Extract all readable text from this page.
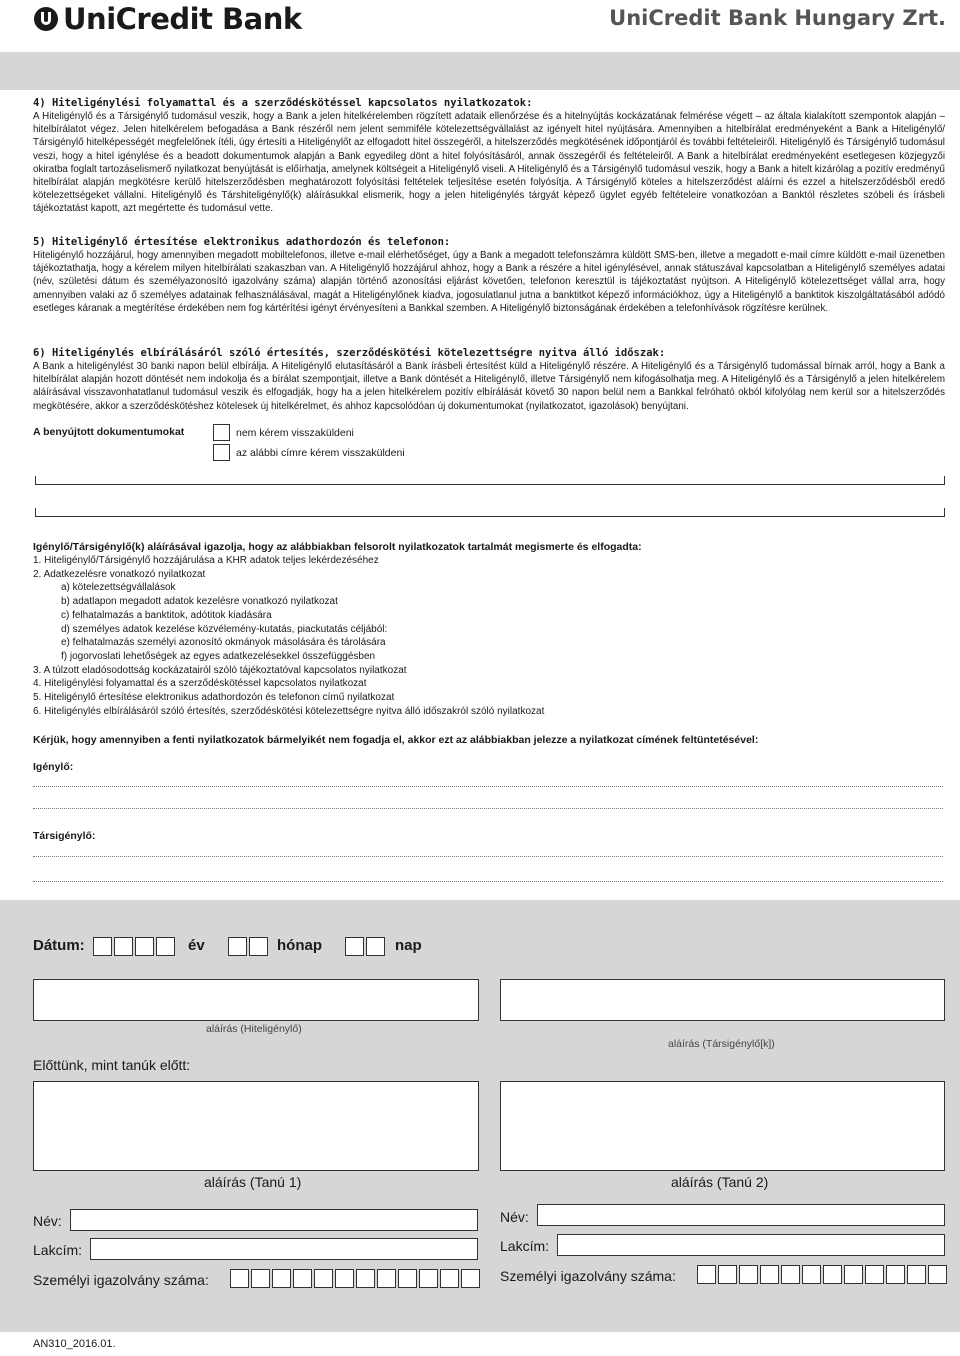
UniCredit Bank	UniCredit Bank Hungary Zrt.
4) Hiteligénylési folyamattal és a szerződéskötéssel kapcsolatos nyilatkozatok:
A Hiteligénylő és a Társigénylő tudomásul veszik, hogy a Bank a jelen hitelkérelemben rögzített adataik ellenőrzése és a hitelnyújtás kockázatának felmérése végett – az általa kialakított szempontok alapján – hitelbírálatot végez. Jelen hitelkérelem befogadása a Bank részéről nem jelent semmiféle kötelezettségvállalást az igényelt hitel nyújtására. Amennyiben a hitelbírálat eredményeként a Bank a Hiteligénylő/ Társigénylő hitelképességét megfelelőnek ítéli, úgy értesíti a Hiteligénylőt az elfogadott hitel összegéről, a hitelszerződés megkötésének időpontjáról és további feltételeiről. Hiteligénylő és Társigénylő tudomásul veszi, hogy a hitel igénylése és a beadott dokumentumok alapján a Bank egyedileg dönt a hitel folyósításáról, annak összegéről és feltételeiről. A Bank a hitelbírálat eredményeként esetlegesen közjegyzői okiratba foglalt tartozáselismerő nyilatkozat benyújtását is előírhatja, amelynek költségeit a Hiteligénylő viseli. A Hiteligénylő és a Társigénylő tudomásul veszik, hogy a Bank a hitelt kizárólag a pozitív eredményű hitelbírálat alapján megkötésre kerülő hitelszerződésben meghatározott folyósítási feltételek teljesítése esetén folyósítja. A Társigénylő köteles a hitelszerződést aláírni és ezzel a hitelszerződésből eredő kötelezettségeket vállalni. Hiteligénylő és Társhiteligénylő(k) aláírásukkal elismerik, hogy a jelen hiteligénylés tárgyát képező ügylet egyéb feltételeire vonatkozóan a Banktól részletes szóbeli és írásbeli tájékoztatást kapott, azt megértette és tudomásul vette.
5) Hiteligénylő értesítése elektronikus adathordozón és telefonon:
Hiteligénylő hozzájárul, hogy amennyiben megadott mobiltelefonos, illetve e-mail elérhetőséget, úgy a Bank a megadott telefonszámra küldött SMS-ben, illetve a megadott e-mail címre küldött e-mail üzenetben tájékoztathatja, hogy a kérelem milyen hitelbírálati szakaszban van. A Hiteligénylő hozzájárul ahhoz, hogy a Bank a részére a hitel igénylésével, annak státuszával kapcsolatban a Hiteligénylő személyes adatai (név, születési dátum és személyazonosító igazolvány száma) alapján történő azonosítási eljárást követően, telefonon keresztül is tájékoztatást nyújtson. A Hiteligénylő kötelezettséget vállal arra, hogy amennyiben valaki az ő személyes adatainak felhasználásával, magát a Hiteligénylőnek kiadva, jogosulatlanul jutna a banktitkot képező információkhoz, úgy a Hiteligénylő a banktitok kiszolgáltatásából adódó esetleges káranak a megtérítése érdekében nem fog kártérítési igényt érvényesíteni a Bankkal szemben. A Hiteligénylő biztonságának érdekében a telefonhívások rögzítésre kerülnek.
6) Hiteligénylés elbírálásáról szóló értesítés, szerződéskötési kötelezettségre nyitva álló időszak:
A Bank a hiteligénylést 30 banki napon belül elbírálja. A Hiteligénylő elutasításáról a Bank írásbeli értesítést küld a Hiteligénylő részére. A Hiteligénylő és a Társigénylő tudomással bírnak arról, hogy a Bank a hitelbírálat alapján hozott döntését nem indokolja és a bírálat szempontjait, illetve a Bank döntését a Hiteligénylő, illetve Társigénylő nem kifogásolhatja meg. A Hiteligénylő és a Társigénylő a jelen hitelkérelem aláírásával visszavonhatatlanul tudomásul veszik és elfogadják, hogy ha a jelen hitelkérelem pozitív elbírálását követő 30 napon belül nem a Bankkal felróható okból kifolyólag nem kerül sor a hitelszerződés megkötésére, akkor a szerződéskötéshez kötelesek új hitelkérelmet, és ahhoz kapcsolódóan új dokumentumokat (nyilatkozatot, igazolások) benyújtani.
A benyújtott dokumentumokat	nem kérem visszaküldeni
az alábbi címre kérem visszaküldeni
Igénylő/Társigénylő(k) aláírásával igazolja, hogy az alábbiakban felsorolt nyilatkozatok tartalmát megismerte és elfogadta:
1. Hiteligénylő/Társigénylő hozzájárulása a KHR adatok teljes lekérdezéséhez
2. Adatkezelésre vonatkozó nyilatkozat
a) kötelezettségvállalások
b) adatlapon megadott adatok kezelésre vonatkozó nyilatkozat
c) felhatalmazás a banktitok, adótitok kiadására
d) személyes adatok kezelése közvélemény-kutatás, piackutatás céljából:
e) felhatalmazás személyi azonosító okmányok másolására és tárolására
f) jogorvoslati lehetőségek az egyes adatkezelésekkel összefüggésben
3. A túlzott eladósodottság kockázatairól szóló tájékoztatóval kapcsolatos nyilatkozat
4. Hiteligénylési folyamattal és a szerződéskötéssel kapcsolatos nyilatkozat
5. Hiteligénylő értesítése elektronikus adathordozón és telefonon című nyilatkozat
6. Hiteligénylés elbírálásáról szóló értesítés, szerződéskötési kötelezettségre nyitva álló időszakról szóló nyilatkozat
Kérjük, hogy amennyiben a fenti nyilatkozatok bármelyikét nem fogadja el, akkor ezt az alábbiakban jelezze a nyilatkozat címének feltüntetésével:
Igénylő:
Társigénylő:
Dátum:	év	hónap	nap
aláírás (Hiteligénylő)
aláírás (Társigénylő[k])
Előttünk, mint tanúk előtt:
aláírás (Tanú 1)	aláírás (Tanú 2)
Név:
Lakcím:
Személyi igazolvány száma:
Név:
Lakcím:
Személyi igazolvány száma:
AN310_2016.01.
